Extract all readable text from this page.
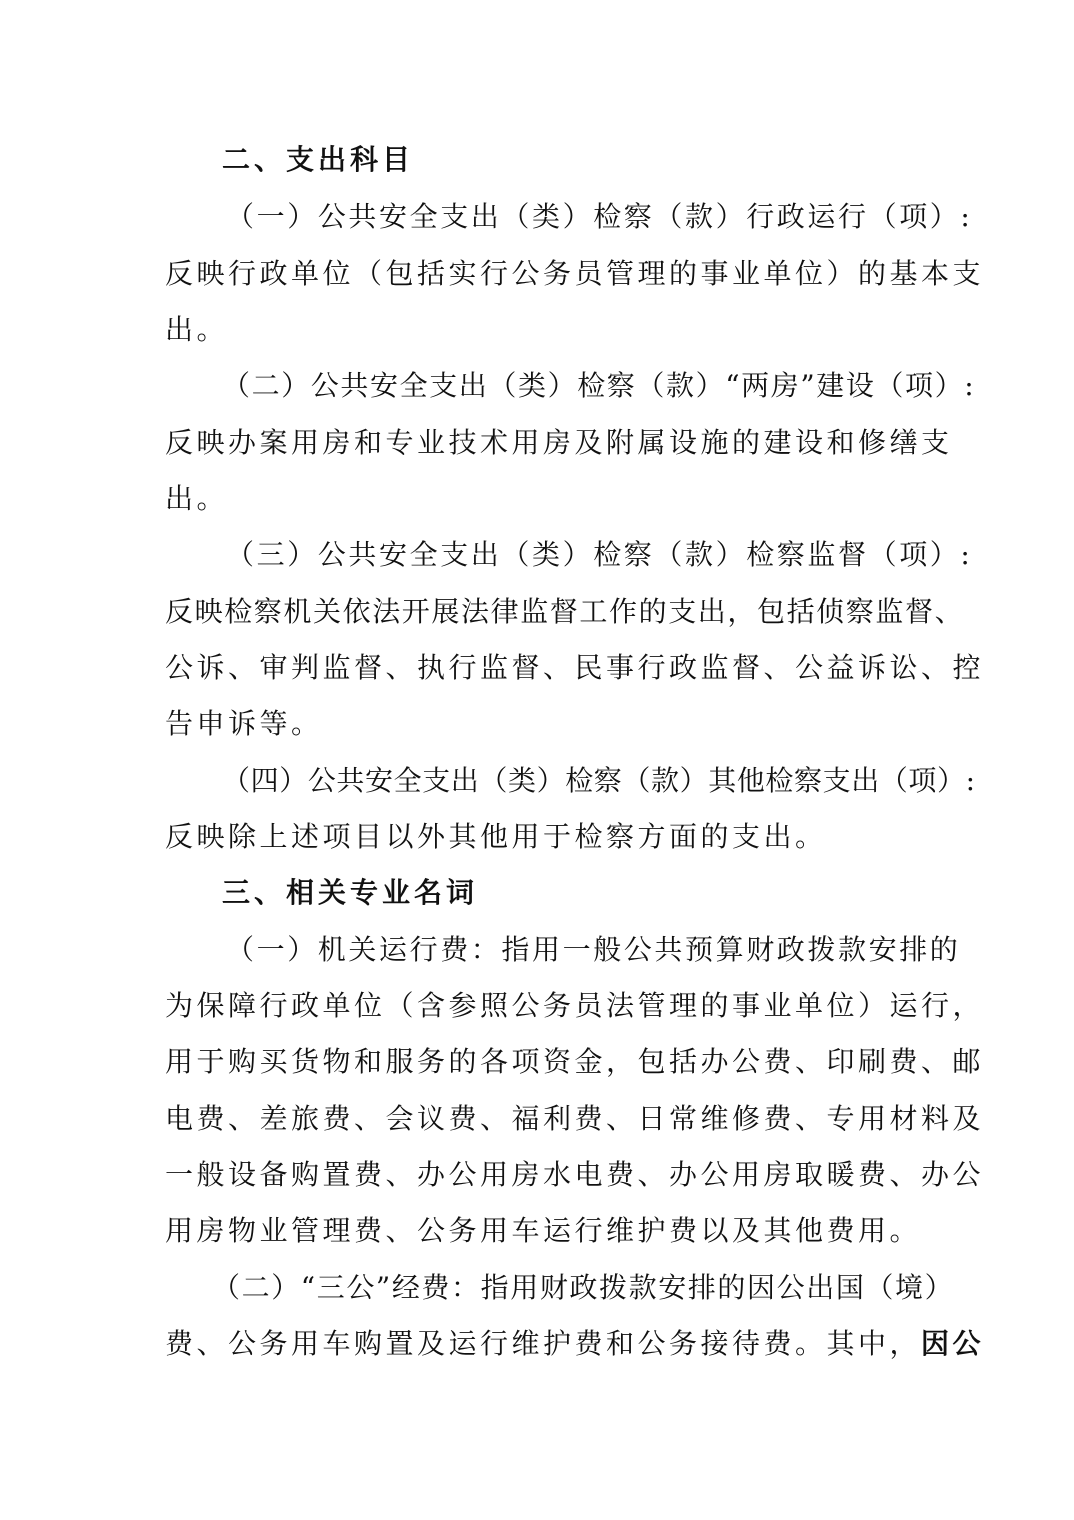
二、支出科目
（一）公共安全支出（类）检察（款）行政运行（项）:
反映行政单位（包括实行公务员管理的事业单位）的基本支
出。
（二）公共安全支出（类）检察（款）“两房”建设（项）:
反映办案用房和专业技术用房及附属设施的建设和修缮支
出。
（三）公共安全支出（类）检察（款）检察监督（项）:
反映检察机关依法开展法律监督工作的支出，包括侦察监督、
公诉、审判监督、执行监督、民事行政监督、公益诉讼、控
告申诉等。
（四）公共安全支出（类）检察（款）其他检察支出（项）:
反映除上述项目以外其他用于检察方面的支出。
三、相关专业名词
（一）机关运行费：指用一般公共预算财政拨款安排的
为保障行政单位（含参照公务员法管理的事业单位）运行，
用于购买货物和服务的各项资金，包括办公费、印刷费、邮
电费、差旅费、会议费、福利费、日常维修费、专用材料及
一般设备购置费、办公用房水电费、办公用房取暖费、办公
用房物业管理费、公务用车运行维护费以及其他费用。
（二）“三公”经费：指用财政拨款安排的因公出国（境）
费、公务用车购置及运行维护费和公务接待费。其中，因公
